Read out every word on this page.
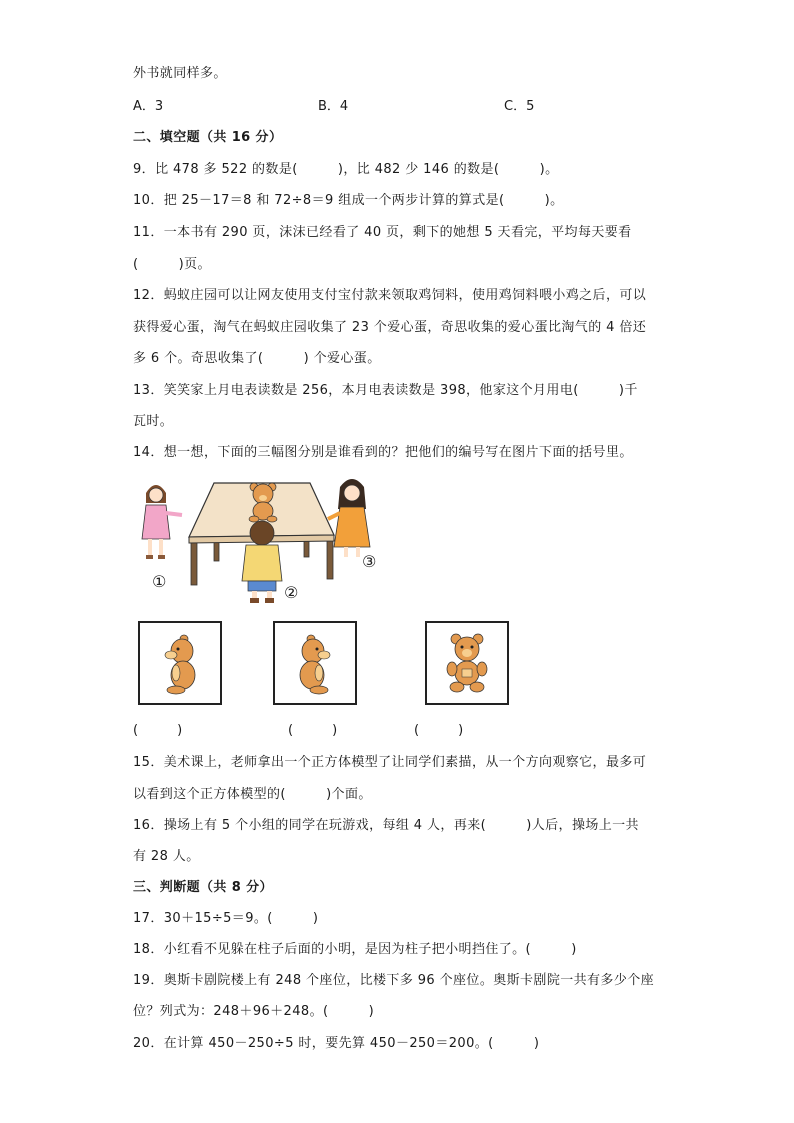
外书就同样多。
A．3	B．4	C．5
二、填空题（共 16 分）
9．比 478 多 522 的数是(　　　)，比 482 少 146 的数是(　　　)。
10．把 25－17＝8 和 72÷8＝9 组成一个两步计算的算式是(　　　)。
11．一本书有 290 页，沫沫已经看了 40 页，剩下的她想 5 天看完，平均每天要看
(　　　)页。
12．蚂蚁庄园可以让网友使用支付宝付款来领取鸡饲料，使用鸡饲料喂小鸡之后，可以
获得爱心蛋，淘气在蚂蚁庄园收集了 23 个爱心蛋，奇思收集的爱心蛋比淘气的 4 倍还
多 6 个。奇思收集了(　　　) 个爱心蛋。
13．笑笑家上月电表读数是 256，本月电表读数是 398，他家这个月用电(　　　)千
瓦时。
14．想一想，下面的三幅图分别是谁看到的？把他们的编号写在图片下面的括号里。
①
②
③
(　　　)	(　　　)	(　　　)
15．美术课上，老师拿出一个正方体模型了让同学们素描，从一个方向观察它，最多可
以看到这个正方体模型的(　　　)个面。
16．操场上有 5 个小组的同学在玩游戏，每组 4 人，再来(　　　)人后，操场上一共
有 28 人。
三、判断题（共 8 分）
17．30＋15÷5＝9。(　　　)
18．小红看不见躲在柱子后面的小明，是因为柱子把小明挡住了。(　　　)
19．奥斯卡剧院楼上有 248 个座位，比楼下多 96 个座位。奥斯卡剧院一共有多少个座
位？列式为：248＋96＋248。(　　　)
20．在计算 450－250÷5 时，要先算 450－250＝200。(　　　)
